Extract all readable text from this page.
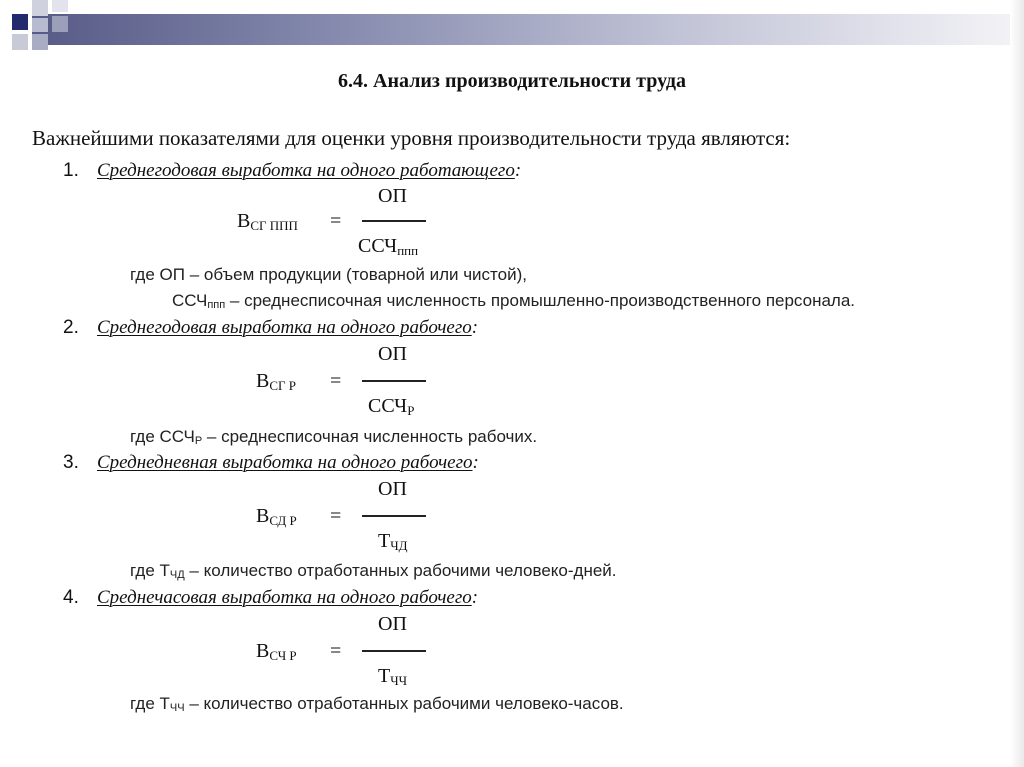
6.4. Анализ производительности труда
Важнейшими показателями для оценки уровня производительности труда являются:
1. Среднегодовая выработка на одного работающего:
$В_{СГ ППП}$ =
ОП
$ССЧ_{ппп}$
где ОП – объем продукции (товарной или чистой),
$ССЧ_{ппп}$ – среднесписочная численность промышленно-производственного персонала.
2. Среднегодовая выработка на одного рабочего:
$В_{СГ Р}$ =
ОП
$ССЧ_Р$
где $ССЧ_Р$ – среднесписочная численность рабочих.
3. Среднедневная выработка на одного рабочего:
$В_{СД Р}$ =
ОП
$Т_{ЧД}$
где $Т_{ЧД}$ – количество отработанных рабочими человеко-дней.
4. Среднечасовая выработка на одного рабочего:
$В_{СЧ Р}$ =
ОП
$Т_{ЧЧ}$
где $Т_{ЧЧ}$ – количество отработанных рабочими человеко-часов.
